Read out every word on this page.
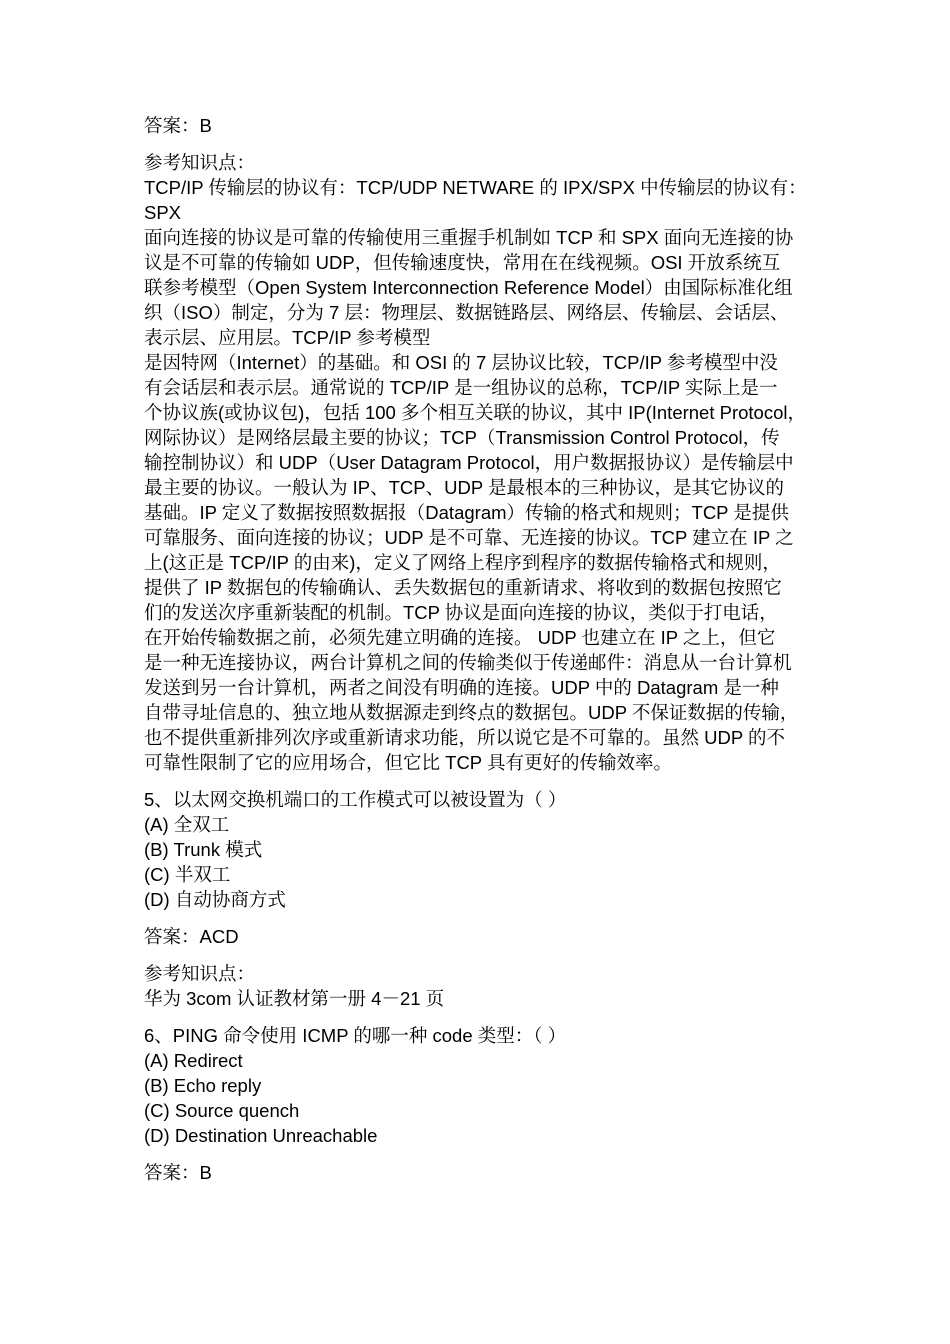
答案：B
参考知识点：
TCP/IP 传输层的协议有：TCP/UDP NETWARE 的 IPX/SPX 中传输层的协议有：
SPX
面向连接的协议是可靠的传输使用三重握手机制如 TCP 和 SPX 面向无连接的协
议是不可靠的传输如 UDP，但传输速度快，常用在在线视频。OSI 开放系统互
联参考模型（Open System Interconnection Reference Model）由国际标准化组
织（ISO）制定，分为 7 层：物理层、数据链路层、网络层、传输层、会话层、
表示层、应用层。TCP/IP 参考模型
是因特网（Internet）的基础。和 OSI 的 7 层协议比较，TCP/IP 参考模型中没
有会话层和表示层。通常说的 TCP/IP 是一组协议的总称，TCP/IP 实际上是一
个协议族(或协议包)，包括 100 多个相互关联的协议，其中 IP(Internet Protocol，
网际协议）是网络层最主要的协议；TCP（Transmission Control Protocol，传
输控制协议）和 UDP（User Datagram Protocol，用户数据报协议）是传输层中
最主要的协议。一般认为 IP、TCP、UDP 是最根本的三种协议，是其它协议的
基础。IP 定义了数据按照数据报（Datagram）传输的格式和规则；TCP 是提供
可靠服务、面向连接的协议；UDP 是不可靠、无连接的协议。TCP 建立在 IP 之
上(这正是 TCP/IP 的由来)，定义了网络上程序到程序的数据传输格式和规则，
提供了 IP 数据包的传输确认、丢失数据包的重新请求、将收到的数据包按照它
们的发送次序重新装配的机制。TCP 协议是面向连接的协议，类似于打电话，
在开始传输数据之前，必须先建立明确的连接。 UDP 也建立在 IP 之上，但它
是一种无连接协议，两台计算机之间的传输类似于传递邮件：消息从一台计算机
发送到另一台计算机，两者之间没有明确的连接。UDP 中的 Datagram 是一种
自带寻址信息的、独立地从数据源走到终点的数据包。UDP 不保证数据的传输，
也不提供重新排列次序或重新请求功能，所以说它是不可靠的。虽然 UDP 的不
可靠性限制了它的应用场合，但它比 TCP 具有更好的传输效率。
5、以太网交换机端口的工作模式可以被设置为（ ）
(A) 全双工
(B) Trunk 模式
(C) 半双工
(D) 自动协商方式
答案：ACD
参考知识点：
华为 3com 认证教材第一册 4－21 页
6、PING 命令使用 ICMP 的哪一种 code 类型：（ ）
(A) Redirect
(B) Echo reply
(C) Source quench
(D) Destination Unreachable
答案：B
